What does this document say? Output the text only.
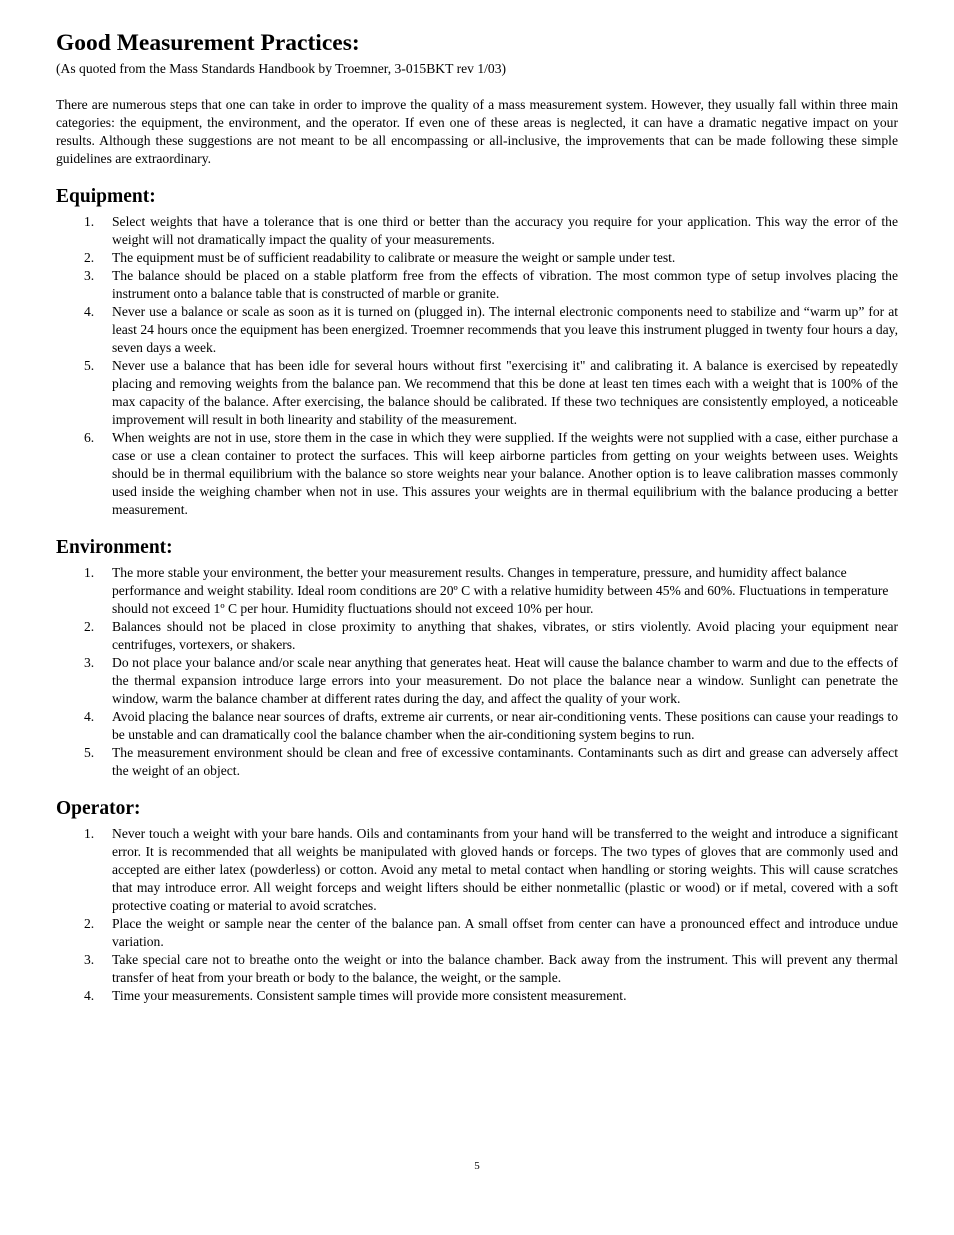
Good Measurement Practices:

(As quoted from the Mass Standards Handbook by Troemner, 3-015BKT rev 1/03)

There are numerous steps that one can take in order to improve the quality of a mass measurement system. However, they usually fall within three main categories: the equipment, the environment, and the operator. If even one of these areas is neglected, it can have a dramatic negative impact on your results. Although these suggestions are not meant to be all encompassing or all-inclusive, the improvements that can be made following these simple guidelines are extraordinary.

Equipment:
1. Select weights that have a tolerance that is one third or better than the accuracy you require for your application. This way the error of the weight will not dramatically impact the quality of your measurements.
2. The equipment must be of sufficient readability to calibrate or measure the weight or sample under test.
3. The balance should be placed on a stable platform free from the effects of vibration. The most common type of setup involves placing the instrument onto a balance table that is constructed of marble or granite.
4. Never use a balance or scale as soon as it is turned on (plugged in). The internal electronic components need to stabilize and “warm up” for at least 24 hours once the equipment has been energized. Troemner recommends that you leave this instrument plugged in twenty four hours a day, seven days a week.
5. Never use a balance that has been idle for several hours without first "exercising it" and calibrating it. A balance is exercised by repeatedly placing and removing weights from the balance pan. We recommend that this be done at least ten times each with a weight that is 100% of the max capacity of the balance. After exercising, the balance should be calibrated. If these two techniques are consistently employed, a noticeable improvement will result in both linearity and stability of the measurement.
6. When weights are not in use, store them in the case in which they were supplied. If the weights were not supplied with a case, either purchase a case or use a clean container to protect the surfaces. This will keep airborne particles from getting on your weights between uses. Weights should be in thermal equilibrium with the balance so store weights near your balance. Another option is to leave calibration masses commonly used inside the weighing chamber when not in use. This assures your weights are in thermal equilibrium with the balance producing a better measurement.
Environment:
1. The more stable your environment, the better your measurement results. Changes in temperature, pressure, and humidity affect balance performance and weight stability. Ideal room conditions are 20º C with a relative humidity between 45% and 60%. Fluctuations in temperature should not exceed 1º C per hour. Humidity fluctuations should not exceed 10% per hour.
2. Balances should not be placed in close proximity to anything that shakes, vibrates, or stirs violently. Avoid placing your equipment near centrifuges, vortexers, or shakers.
3. Do not place your balance and/or scale near anything that generates heat. Heat will cause the balance chamber to warm and due to the effects of the thermal expansion introduce large errors into your measurement. Do not place the balance near a window. Sunlight can penetrate the window, warm the balance chamber at different rates during the day, and affect the quality of your work.
4. Avoid placing the balance near sources of drafts, extreme air currents, or near air-conditioning vents. These positions can cause your readings to be unstable and can dramatically cool the balance chamber when the air-conditioning system begins to run.
5. The measurement environment should be clean and free of excessive contaminants. Contaminants such as dirt and grease can adversely affect the weight of an object.
Operator:
1. Never touch a weight with your bare hands. Oils and contaminants from your hand will be transferred to the weight and introduce a significant error. It is recommended that all weights be manipulated with gloved hands or forceps. The two types of gloves that are commonly used and accepted are either latex (powderless) or cotton. Avoid any metal to metal contact when handling or storing weights. This will cause scratches that may introduce error. All weight forceps and weight lifters should be either nonmetallic (plastic or wood) or if metal, covered with a soft protective coating or material to avoid scratches.
2. Place the weight or sample near the center of the balance pan. A small offset from center can have a pronounced effect and introduce undue variation.
3. Take special care not to breathe onto the weight or into the balance chamber. Back away from the instrument. This will prevent any thermal transfer of heat from your breath or body to the balance, the weight, or the sample.
4. Time your measurements. Consistent sample times will provide more consistent measurement.
5
